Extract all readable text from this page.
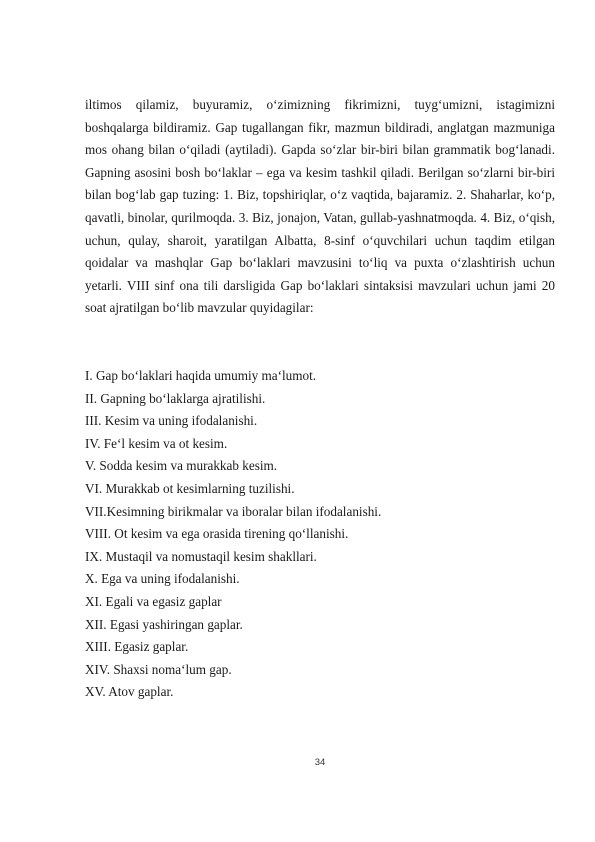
iltimos qilamiz, buyuramiz, o‘zimizning fikrimizni, tuyg‘umizni, istagimizni boshqalarga bildiramiz. Gap tugallangan fikr, mazmun bildiradi, anglatgan mazmuniga mos ohang bilan o‘qiladi (aytiladi). Gapda so‘zlar bir-biri bilan grammatik bog‘lanadi. Gapning asosini bosh bo‘laklar – ega va kesim tashkil qiladi. Berilgan so‘zlarni bir-biri bilan bog‘lab gap tuzing: 1. Biz, topshiriqlar, o‘z vaqtida, bajaramiz. 2. Shaharlar, ko‘p, qavatli, binolar, qurilmoqda. 3. Biz, jonajon, Vatan, gullab-yashnatmoqda. 4. Biz, o‘qish, uchun, qulay, sharoit, yaratilgan Albatta, 8-sinf o‘quvchilari uchun taqdim etilgan qoidalar va mashqlar Gap bo‘laklari mavzusini to‘liq va puxta o‘zlashtirish uchun yetarli. VIII sinf ona tili darsligida Gap bo‘laklari sintaksisi mavzulari uchun jami 20 soat ajratilgan bo‘lib mavzular quyidagilar:

I. Gap bo‘laklari haqida umumiy ma‘lumot.
II. Gapning bo‘laklarga ajratilishi.
III. Kesim va uning ifodalanishi.
IV. Fe‘l kesim va ot kesim.
V. Sodda kesim va murakkab kesim.
VI. Murakkab ot kesimlarning tuzilishi.
VII.Kesimning birikmalar va iboralar bilan ifodalanishi.
VIII. Ot kesim va ega orasida tirening qo‘llanishi.
IX. Mustaqil va nomustaqil kesim shakllari.
X. Ega va uning ifodalanishi.
XI. Egali va egasiz gaplar
XII. Egasi yashiringan gaplar.
XIII. Egasiz gaplar.
XIV. Shaxsi noma‘lum gap.
XV. Atov gaplar.
34
